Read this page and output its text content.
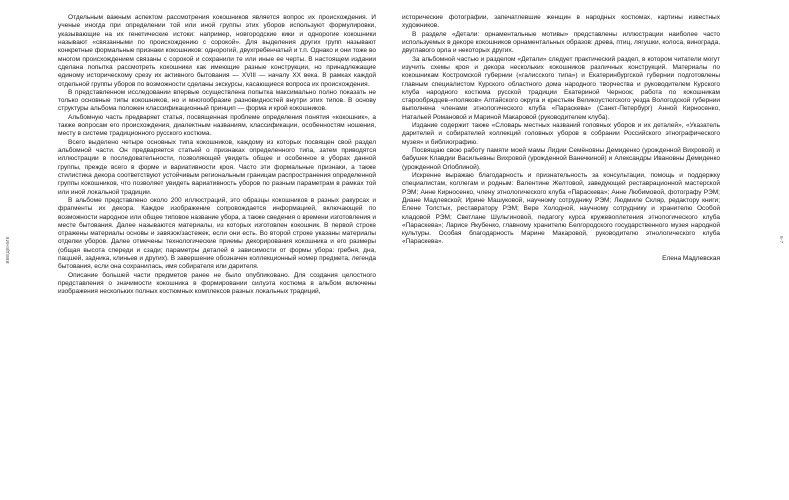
ВВЕДЕНИЕ	6-7

Отдельным важным аспектом рассмотрения кокошников является вопрос их происхождения. И ученые иногда при определении той или иной группы этих уборов используют формулировки, указывающие на их генетические истоки: например, новгородские кики и однорогие кокошники называют «связанными по происхождению с сорокой». Для выделения других групп называют конкретные формальные признаки кокошников: однорогий, двухгребенчатый и т.п. Однако и они тоже во многом происхождением связаны с сорокой и сохранили те или иные ее черты. В настоящем издании сделана попытка рассмотреть кокошники как имеющие разные конструкции, но принадлежащие единому историческому срезу их активного бытования — XVIII — началу XX века. В рамках каждой отдельной группы уборов по возможности сделаны экскурсы, касающиеся вопроса их происхождения.

В представленном исследовании впервые осуществлена попытка максимально полно показать не только основные типы кокошников, но и многообразие разновидностей внутри этих типов. В основу структуры альбома положен классификационный принцип — форма и крой кокошников.

Альбомную часть предваряет статья, посвященная проблеме определения понятия «кокошник», а также вопросам его происхождения, диалектным названиям, классификации, особенностям ношения, месту в системе традиционного русского костюма.

Всего выделено четыре основных типа кокошников, каждому из которых посвящен свой раздел альбомной части. Он предваряется статьей о признаках определенного типа, затем приводятся иллюстрации в последовательности, позволяющей увидеть общее и особенное в уборах данной группы, прежде всего в форме и вариативности кроя. Часто эти формальные признаки, а также стилистика декора соответствуют устойчивым региональным границам распространения определенной группы кокошников, что позволяет увидеть вариативность уборов по разным параметрам в рамках той или иной локальной традиции.

В альбоме представлено около 200 иллюстраций, это образцы кокошников в разных ракурсах и фрагменты их декора. Каждое изображение сопровождается информацией, включающей по возможности народное или общее типовое название убора, а также сведения о времени изготовления и месте бытования. Далее называются материалы, из которых изготовлен кокошник. В первой строке отражены материалы основы и завязок/застежек, если они есть. Во второй строке указаны материалы отделки уборов. Далее отмечены технологические приемы декорирования кокошника и его размеры (общая высота спереди и сзади; параметры деталей в зависимости от формы убора: гребня, дна, пацшей, задника, клиньев и других). В завершение обозначен коллекционный номер предмета, легенда бытования, если она сохранилась, имя собирателя или дарителя.

Описание большей части предметов ранее не было опубликовано. Для создания целостного представления о значимости кокошника в формировании силуэта костюма в альбом включены изображения нескольких полных костюмных комплексов разных локальных традиций,

исторические фотографии, запечатлевшие женщин в народных костюмах, картины известных художников.

В разделе «Детали: орнаментальные мотивы» представлены иллюстрации наиболее часто используемых в декоре кокошников орнаментальных образов: древа, птиц, лягушки, колоса, винограда, двуглавого орла и некоторых других.

За альбомной частью и разделом «Детали» следует практический раздел, в котором читатели могут изучить схемы кроя и декора нескольких кокошников различных конструкций. Материалы по кокошникам Костромской губернии («галисского типа») и Екатеринбургской губернии подготовлены главным специалистом Курского областного дома народного творчества и руководителем Курского клуба народного костюма русской традиции Екатериной Черноок; работа по кокошникам старообрядцев-«поляков» Алтайского округа и крестьян Великоустюгского уезда Вологодской губернии выполнена членами этнологического клуба «Параскева» (Санкт-Петербург) Анной Кирносенко, Натальей Романовой и Мариной Макаровой (руководителем клуба).

Издание содержит также «Словарь местных названий головных уборов и их деталей», «Указатель дарителей и собирателей коллекций головных уборов в собрании Российского этнографического музея» и библиографию.

Посвящаю свою работу памяти моей мамы Лидии Семёновны Демиденко (урожденной Вихровой) и бабушек Клавдии Васильевны Вихровой (урожденной Ванечкиной) и Александры Ивановны Демиденко (урожденной Огloблиной).

Искренне выражаю благодарность и признательность за консультации, помощь и поддержку специалистам, коллегам и родным: Валентине Желтовой, заведующей реставрационной мастерской РЭМ; Анне Кирносенко, члену этнологического клуба «Параскева»; Анне Любимовой, фотографу РЭМ; Диане Мадлевской; Ирине Машуковой, научному сотруднику РЭМ; Людмиле Скляр, редактору книги; Елене Толстых, реставратору РЭМ; Вере Холодной, научному сотруднику и хранителю Особой кладовой РЭМ; Светлане Шульгиновой, педагогу курса кружевоплетения этнологического клуба «Параскева»; Ларисе Якубенко, главному хранителю Белгородского государственного музея народной культуры. Особая благодарность Марине Макаровой, руководителю этнологического клуба «Параскева».

Елена Мадлевская
